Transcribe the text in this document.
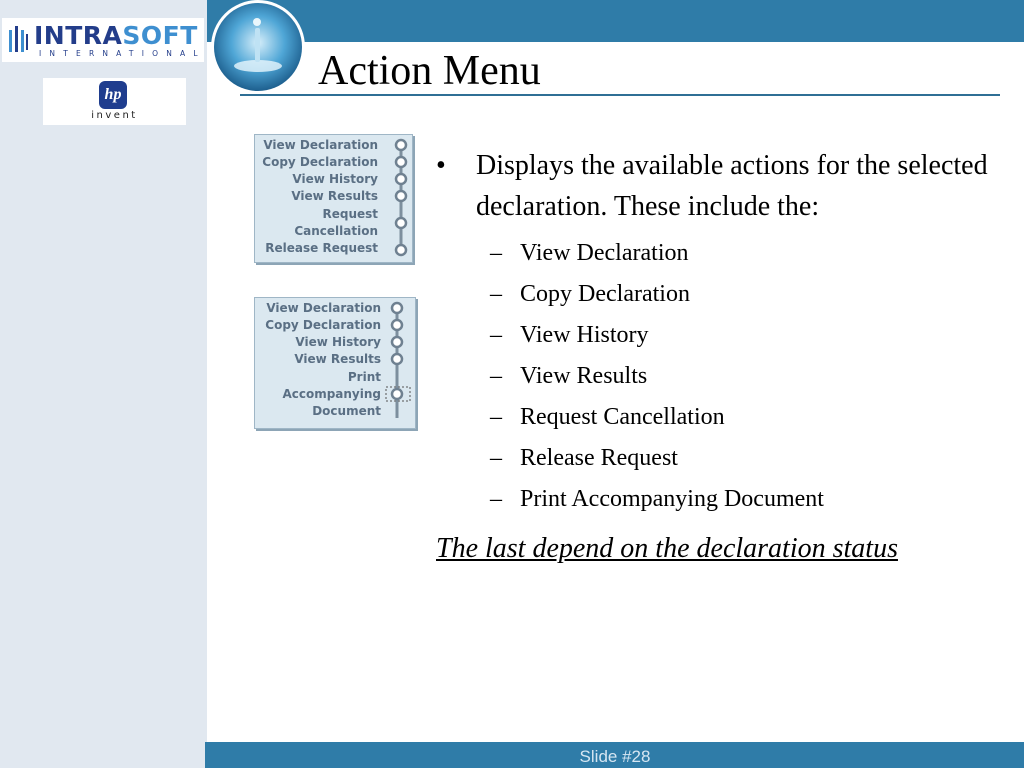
INTRASOFT
INTERNATIONAL
hp
invent
Action Menu
View Declaration
Copy Declaration
View History
View Results
Request
Cancellation
Release Request
View Declaration
Copy Declaration
View History
View Results
Print
Accompanying
Document
• Displays the available actions for the selected declaration. These include the:
– View Declaration
– Copy Declaration
– View History
– View Results
– Request Cancellation
– Release Request
– Print Accompanying Document
The last depend on the declaration status
Slide #28
